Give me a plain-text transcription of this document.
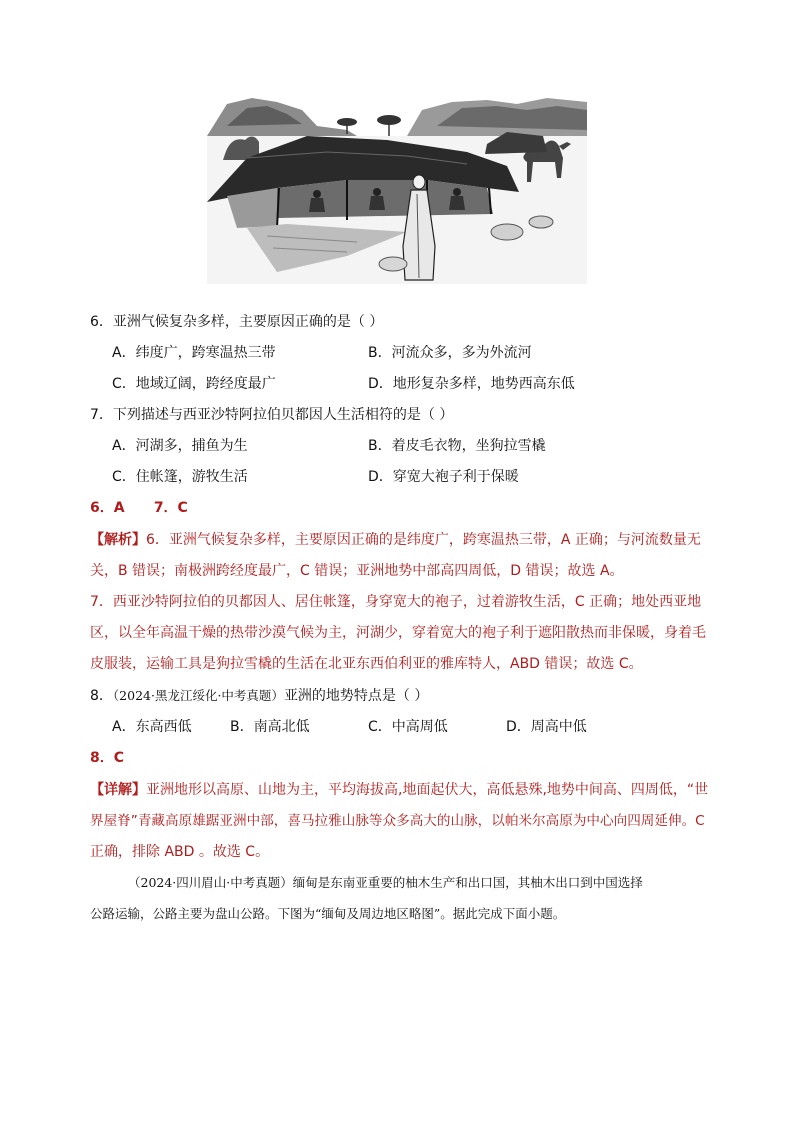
6．亚洲气候复杂多样，主要原因正确的是（ ）
A．纬度广，跨寒温热三带	B．河流众多，多为外流河
C．地域辽阔，跨经度最广	D．地形复杂多样，地势西高东低
7．下列描述与西亚沙特阿拉伯贝都因人生活相符的是（ ）
A．河湖多，捕鱼为生	B．着皮毛衣物，坐狗拉雪橇
C．住帐篷，游牧生活	D．穿宽大袍子利于保暖
6．A      7．C
【解析】6．亚洲气候复杂多样，主要原因正确的是纬度广，跨寒温热三带，A 正确；与河流数量无
关，B 错误；南极洲跨经度最广，C 错误；亚洲地势中部高四周低，D 错误；故选 A。
7．西亚沙特阿拉伯的贝都因人、居住帐篷，身穿宽大的袍子，过着游牧生活，C 正确；地处西亚地
区，以全年高温干燥的热带沙漠气候为主，河湖少，穿着宽大的袍子利于遮阳散热而非保暖，身着毛
皮服装，运输工具是狗拉雪橇的生活在北亚东西伯利亚的雅库特人，ABD 错误；故选 C。
8．（2024·黑龙江绥化·中考真题）亚洲的地势特点是（ ）
A．东高西低	B．南高北低	C．中高周低	D．周高中低
8．C
【详解】亚洲地形以高原、山地为主，平均海拔高,地面起伏大，高低悬殊,地势中间高、四周低，“世
界屋脊”青藏高原雄踞亚洲中部，喜马拉雅山脉等众多高大的山脉，以帕米尔高原为中心向四周延伸。C
正确，排除 ABD 。故选 C。
（2024·四川眉山·中考真题）缅甸是东南亚重要的柚木生产和出口国，其柚木出口到中国选择
公路运输，公路主要为盘山公路。下图为“缅甸及周边地区略图”。据此完成下面小题。
